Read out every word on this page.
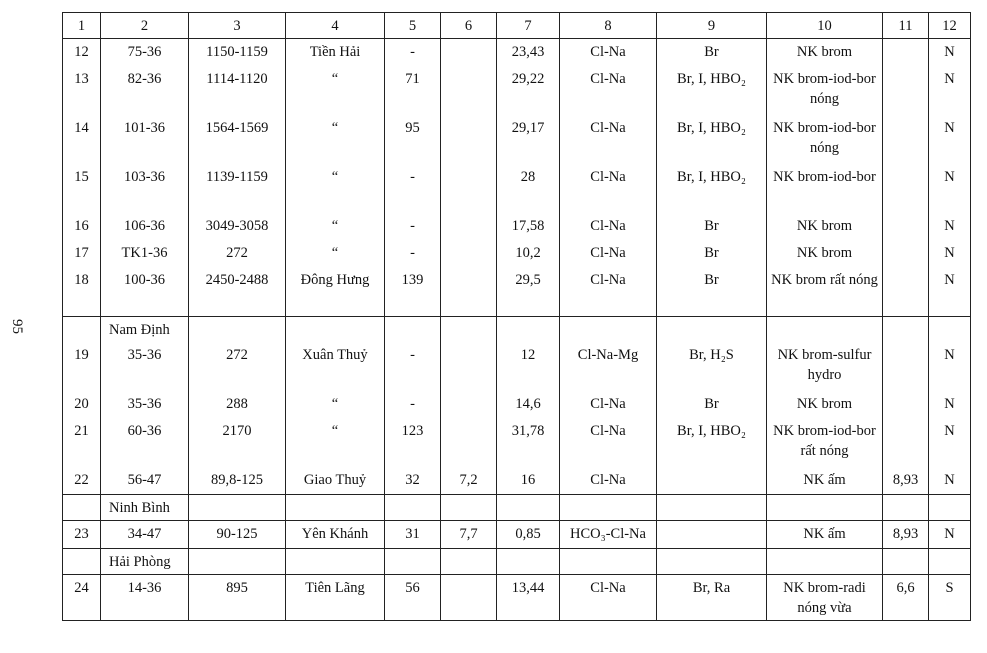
95
1	2	3	4	5	6	7	8	9	10	11	12
12	75-36	1150-1159	Tiền Hải	-		23,43	Cl-Na	Br	NK brom		N
13	82-36	1114-1120	“	71		29,22	Cl-Na	Br, I, HBO₂	NK brom-iod-bor nóng		N
14	101-36	1564-1569	“	95		29,17	Cl-Na	Br, I, HBO₂	NK brom-iod-bor nóng		N
15	103-36	1139-1159	“	-		28	Cl-Na	Br, I, HBO₂	NK brom-iod-bor		N
16	106-36	3049-3058	“	-		17,58	Cl-Na	Br	NK brom		N
17	TK1-36	272	“	-		10,2	Cl-Na	Br	NK brom		N
18	100-36	2450-2488	Đông Hưng	139		29,5	Cl-Na	Br	NK brom rất nóng		N
	Nam Định										
19	35-36	272	Xuân Thuỷ	-		12	Cl-Na-Mg	Br, H₂S	NK brom-sulfur hydro		N
20	35-36	288	“	-		14,6	Cl-Na	Br	NK brom		N
21	60-36	2170	“	123		31,78	Cl-Na	Br, I, HBO₂	NK brom-iod-bor rất nóng		N
22	56-47	89,8-125	Giao Thuỷ	32	7,2	16	Cl-Na		NK ấm	8,93	N
	Ninh Bình										
23	34-47	90-125	Yên Khánh	31	7,7	0,85	HCO₃-Cl-Na		NK ấm	8,93	N
	Hải Phòng										
24	14-36	895	Tiên Lãng	56		13,44	Cl-Na	Br, Ra	NK brom-radi nóng vừa	6,6	S
